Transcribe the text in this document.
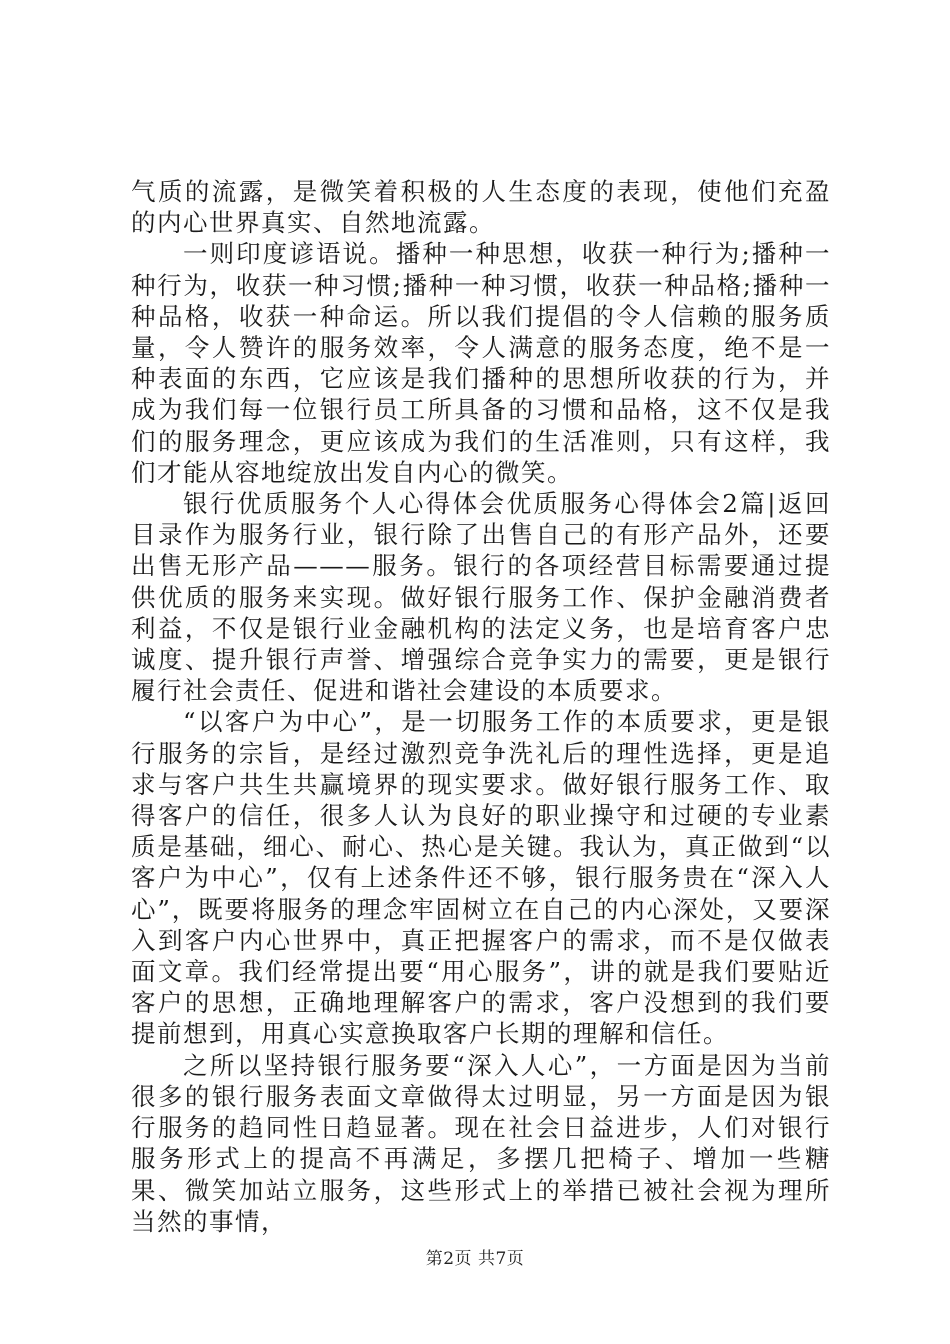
气质的流露，是微笑着积极的人生态度的表现，使他们充盈的内心世界真实、自然地流露。

一则印度谚语说。播种一种思想，收获一种行为;播种一种行为，收获一种习惯;播种一种习惯，收获一种品格;播种一种品格，收获一种命运。所以我们提倡的令人信赖的服务质量，令人赞许的服务效率，令人满意的服务态度，绝不是一种表面的东西，它应该是我们播种的思想所收获的行为，并成为我们每一位银行员工所具备的习惯和品格，这不仅是我们的服务理念，更应该成为我们的生活准则，只有这样，我们才能从容地绽放出发自内心的微笑。

银行优质服务个人心得体会优质服务心得体会2篇|返回目录作为服务行业，银行除了出售自己的有形产品外，还要出售无形产品———服务。银行的各项经营目标需要通过提供优质的服务来实现。做好银行服务工作、保护金融消费者利益，不仅是银行业金融机构的法定义务，也是培育客户忠诚度、提升银行声誉、增强综合竞争实力的需要，更是银行履行社会责任、促进和谐社会建设的本质要求。

“以客户为中心”，是一切服务工作的本质要求，更是银行服务的宗旨，是经过激烈竞争洗礼后的理性选择，更是追求与客户共生共赢境界的现实要求。做好银行服务工作、取得客户的信任，很多人认为良好的职业操守和过硬的专业素质是基础，细心、耐心、热心是关键。我认为，真正做到“以客户为中心”，仅有上述条件还不够，银行服务贵在“深入人心”，既要将服务的理念牢固树立在自己的内心深处，又要深入到客户内心世界中，真正把握客户的需求，而不是仅做表面文章。我们经常提出要“用心服务”，讲的就是我们要贴近客户的思想，正确地理解客户的需求，客户没想到的我们要提前想到，用真心实意换取客户长期的理解和信任。

之所以坚持银行服务要“深入人心”，一方面是因为当前很多的银行服务表面文章做得太过明显，另一方面是因为银行服务的趋同性日趋显著。现在社会日益进步，人们对银行服务形式上的提高不再满足，多摆几把椅子、增加一些糖果、微笑加站立服务，这些形式上的举措已被社会视为理所当然的事情，

第2页 共7页
